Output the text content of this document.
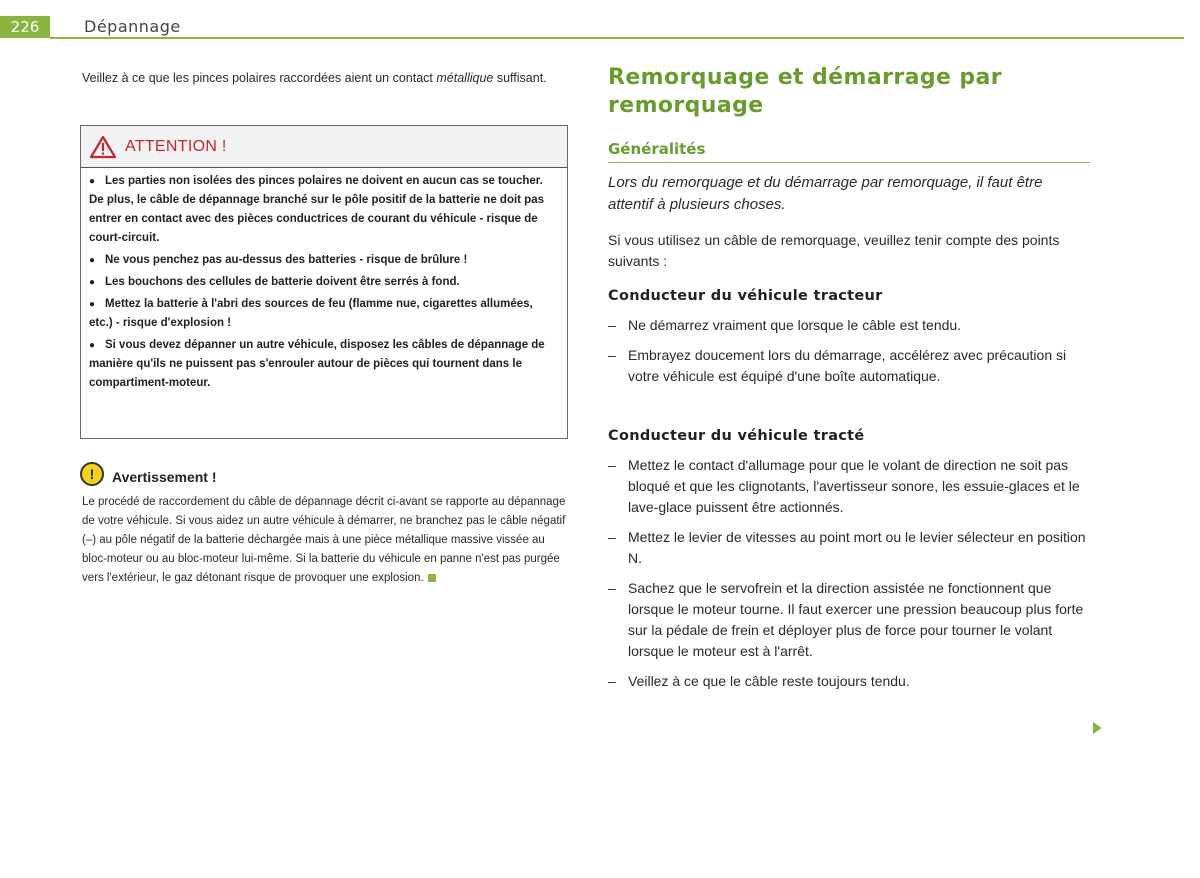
226	Dépannage

Veillez à ce que les pinces polaires raccordées aient un contact métallique suffisant.

ATTENTION !
● Les parties non isolées des pinces polaires ne doivent en aucun cas se toucher. De plus, le câble de dépannage branché sur le pôle positif de la batterie ne doit pas entrer en contact avec des pièces conductrices de courant du véhicule - risque de court-circuit.
● Ne vous penchez pas au-dessus des batteries - risque de brûlure !
● Les bouchons des cellules de batterie doivent être serrés à fond.
● Mettez la batterie à l'abri des sources de feu (flamme nue, cigarettes allumées, etc.) - risque d'explosion !
● Si vous devez dépanner un autre véhicule, disposez les câbles de dépannage de manière qu'ils ne puissent pas s'enrouler autour de pièces qui tournent dans le compartiment-moteur.
!	Avertissement !

Le procédé de raccordement du câble de dépannage décrit ci-avant se rapporte au dépannage de votre véhicule. Si vous aidez un autre véhicule à démarrer, ne branchez pas le câble négatif (–) au pôle négatif de la batterie déchargée mais à une pièce métallique massive vissée au bloc-moteur ou au bloc-moteur lui-même. Si la batterie du véhicule en panne n'est pas purgée vers l'extérieur, le gaz détonant risque de provoquer une explosion.

Remorquage et démarrage par remorquage
Généralités

Lors du remorquage et du démarrage par remorquage, il faut être attentif à plusieurs choses.

Si vous utilisez un câble de remorquage, veuillez tenir compte des points suivants :

Conducteur du véhicule tracteur
– Ne démarrez vraiment que lorsque le câble est tendu.
– Embrayez doucement lors du démarrage, accélérez avec précaution si votre véhicule est équipé d'une boîte automatique.
Conducteur du véhicule tracté
– Mettez le contact d'allumage pour que le volant de direction ne soit pas bloqué et que les clignotants, l'avertisseur sonore, les essuie-glaces et le lave-glace puissent être actionnés.
– Mettez le levier de vitesses au point mort ou le levier sélecteur en position N.
– Sachez que le servofrein et la direction assistée ne fonctionnent que lorsque le moteur tourne. Il faut exercer une pression beaucoup plus forte sur la pédale de frein et déployer plus de force pour tourner le volant lorsque le moteur est à l'arrêt.
– Veillez à ce que le câble reste toujours tendu.
